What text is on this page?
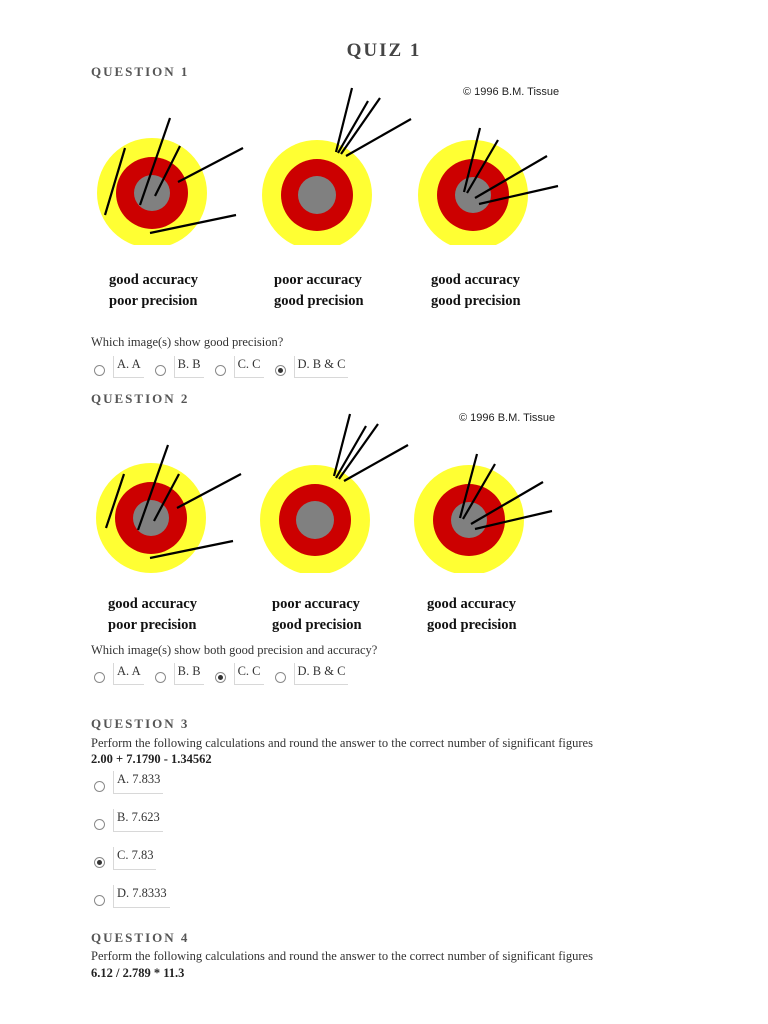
QUIZ 1
QUESTION 1
© 1996 B.M. Tissue
good accuracy
poor precision
poor accuracy
good precision
good accuracy
good precision
Which image(s) show good precision?
A. A	B. B	C. C	D. B & C
QUESTION 2
© 1996 B.M. Tissue
good accuracy
poor precision
poor accuracy
good precision
good accuracy
good precision
Which image(s) show both good precision and accuracy?
A. A	B. B	C. C	D. B & C
QUESTION 3
Perform the following calculations and round the answer to the correct number of significant figures
2.00 + 7.1790 - 1.34562
A. 7.833
B. 7.623
C. 7.83
D. 7.8333
QUESTION 4
Perform the following calculations and round the answer to the correct number of significant figures
6.12 / 2.789 * 11.3
